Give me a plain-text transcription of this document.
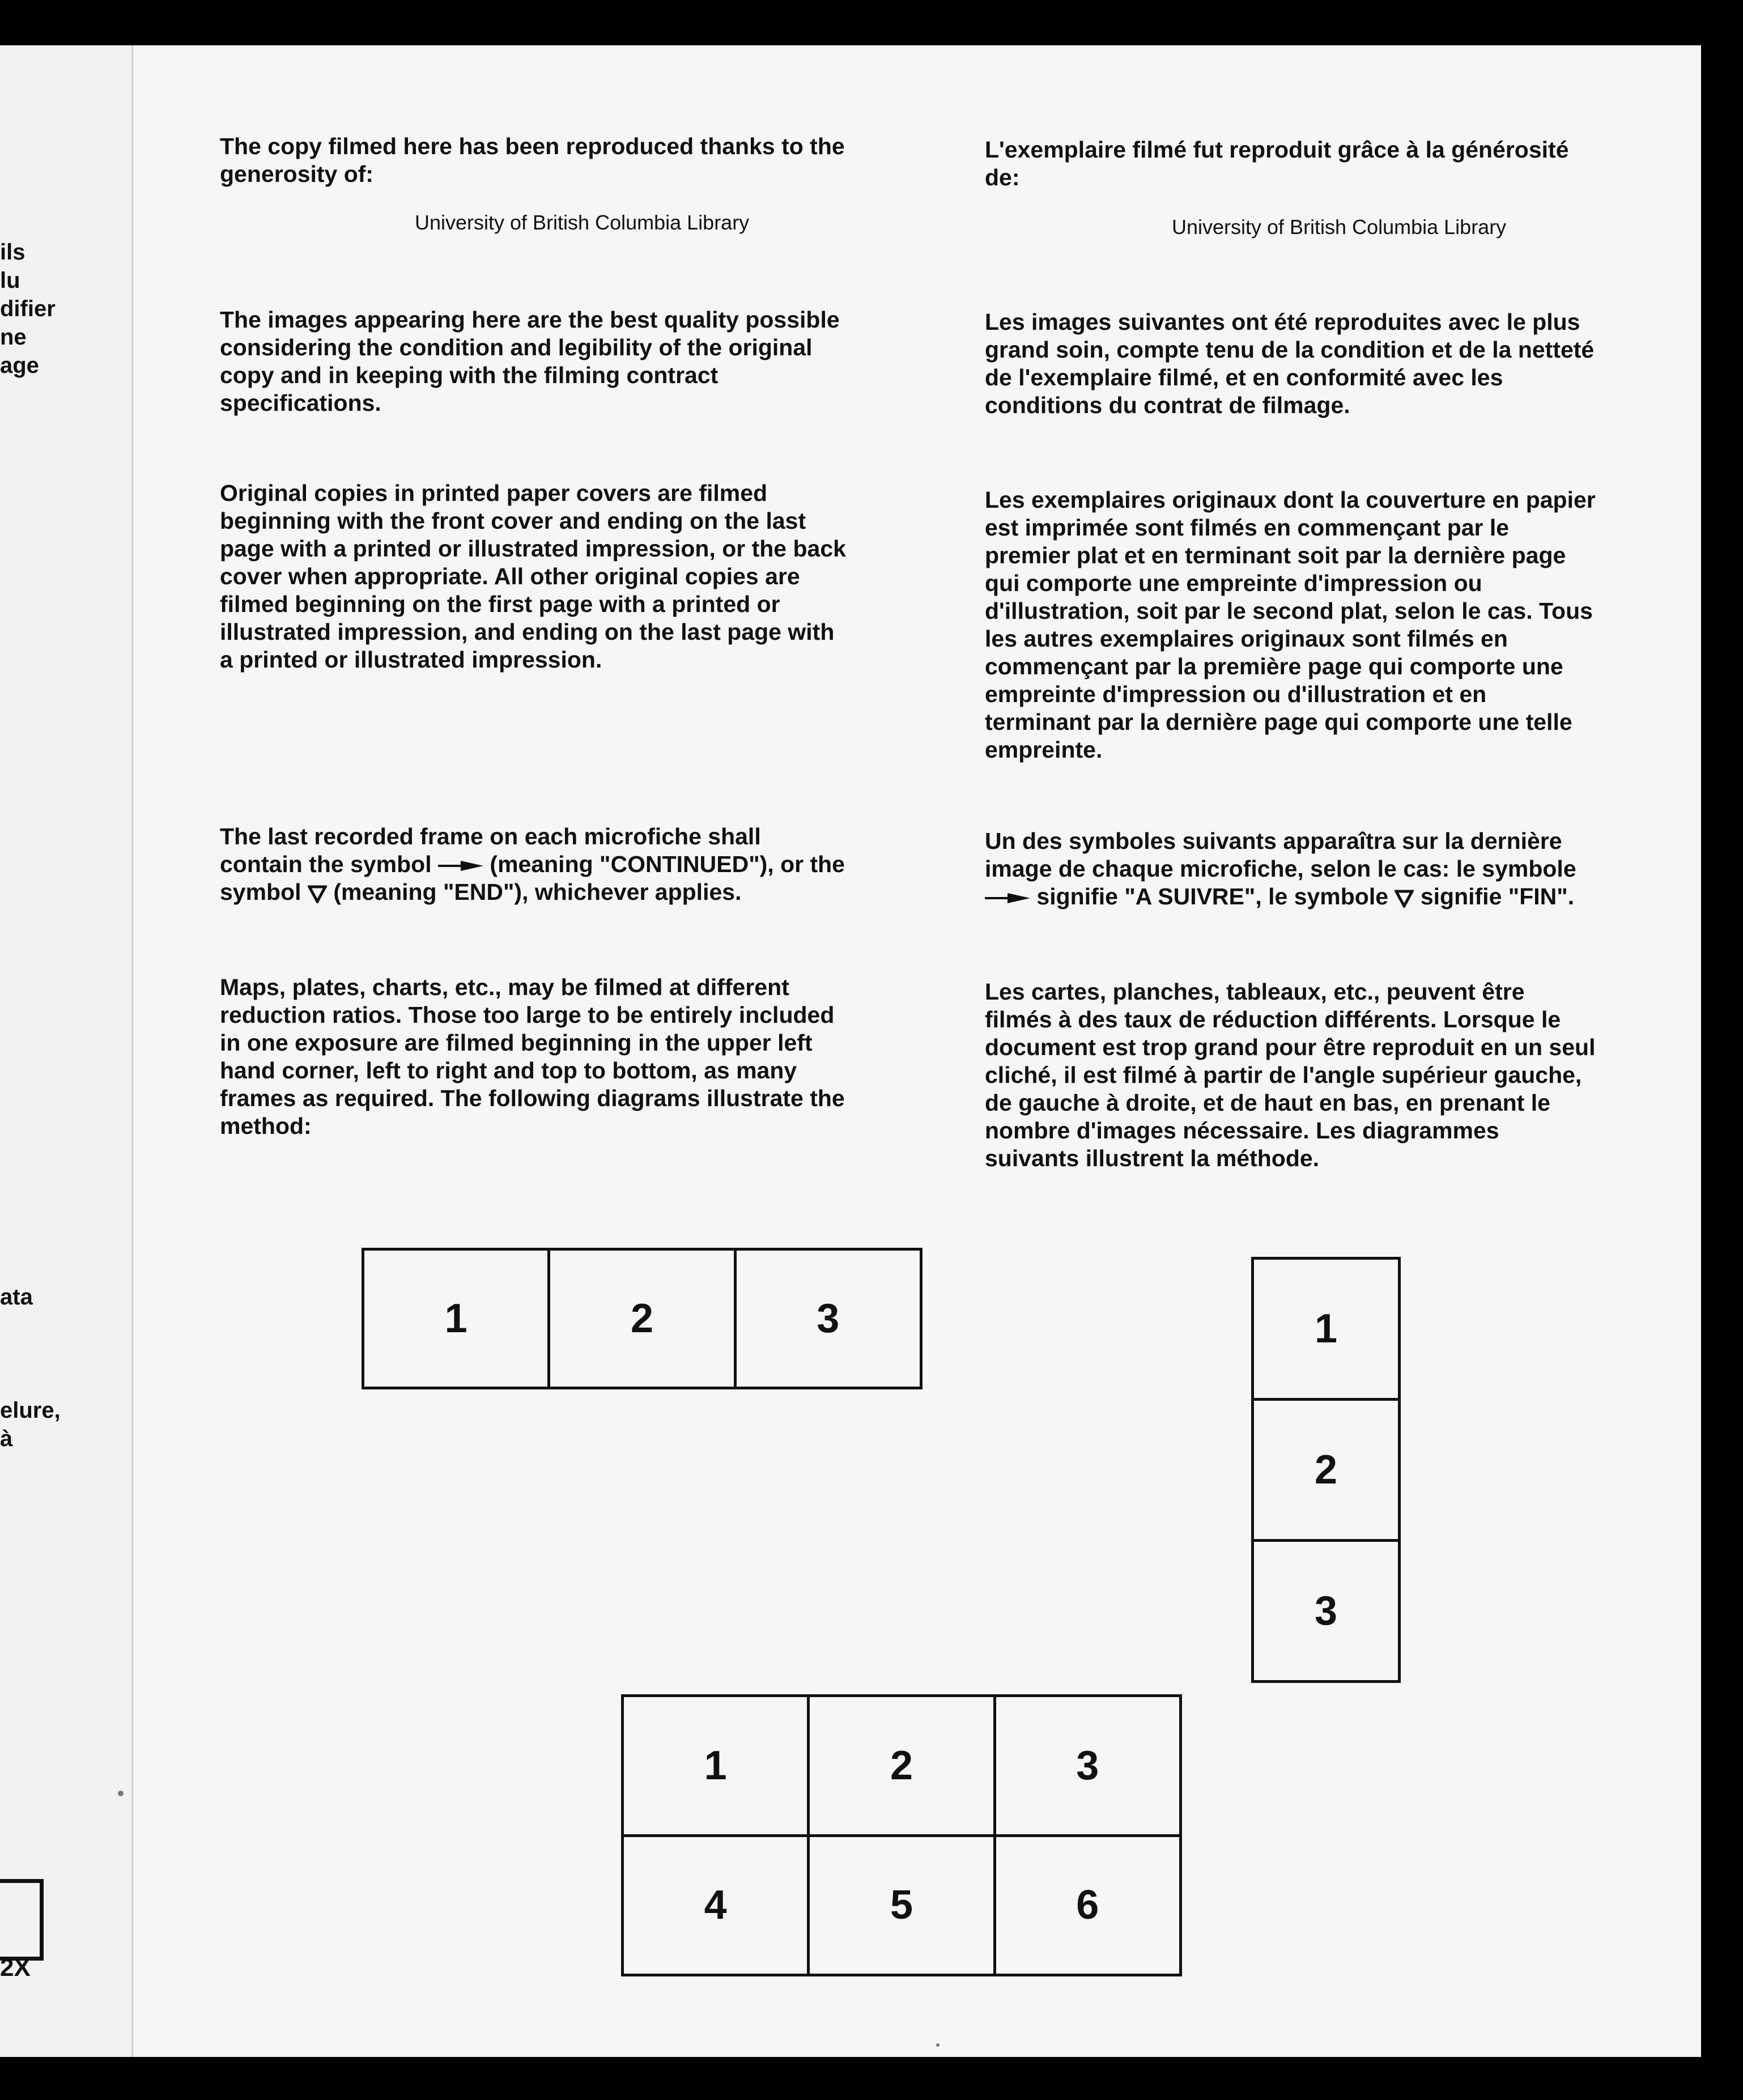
ils
lu
difier
ne
age
ata
elure,
à
2X

The copy filmed here has been reproduced thanks to the generosity of:

University of British Columbia Library

The images appearing here are the best quality possible considering the condition and legibility of the original copy and in keeping with the filming contract specifications.

Original copies in printed paper covers are filmed beginning with the front cover and ending on the last page with a printed or illustrated impression, or the back cover when appropriate. All other original copies are filmed beginning on the first page with a printed or illustrated impression, and ending on the last page with a printed or illustrated impression.

The last recorded frame on each microfiche shall contain the symbol	(meaning "CONTINUED"), or the symbol (meaning "END"), whichever applies.

Maps, plates, charts, etc., may be filmed at different reduction ratios. Those too large to be entirely included in one exposure are filmed beginning in the upper left hand corner, left to right and top to bottom, as many frames as required. The following diagrams illustrate the method:

L'exemplaire filmé fut reproduit grâce à la générosité de:

University of British Columbia Library

Les images suivantes ont été reproduites avec le plus grand soin, compte tenu de la condition et de la netteté de l'exemplaire filmé, et en conformité avec les conditions du contrat de filmage.

Les exemplaires originaux dont la couverture en papier est imprimée sont filmés en commençant par le premier plat et en terminant soit par la dernière page qui comporte une empreinte d'impression ou d'illustration, soit par le second plat, selon le cas. Tous les autres exemplaires originaux sont filmés en commençant par la première page qui comporte une empreinte d'impression ou d'illustration et en terminant par la dernière page qui comporte une telle empreinte.

Un des symboles suivants apparaîtra sur la dernière image de chaque microfiche, selon le cas: le symbole  signifie "A SUIVRE", le symbole signifie "FIN".

Les cartes, planches, tableaux, etc., peuvent être filmés à des taux de réduction différents. Lorsque le document est trop grand pour être reproduit en un seul cliché, il est filmé à partir de l'angle supérieur gauche, de gauche à droite, et de haut en bas, en prenant le nombre d'images nécessaire. Les diagrammes suivants illustrent la méthode.

1	2	3	1
2
3
1	2	3
4	5	6
